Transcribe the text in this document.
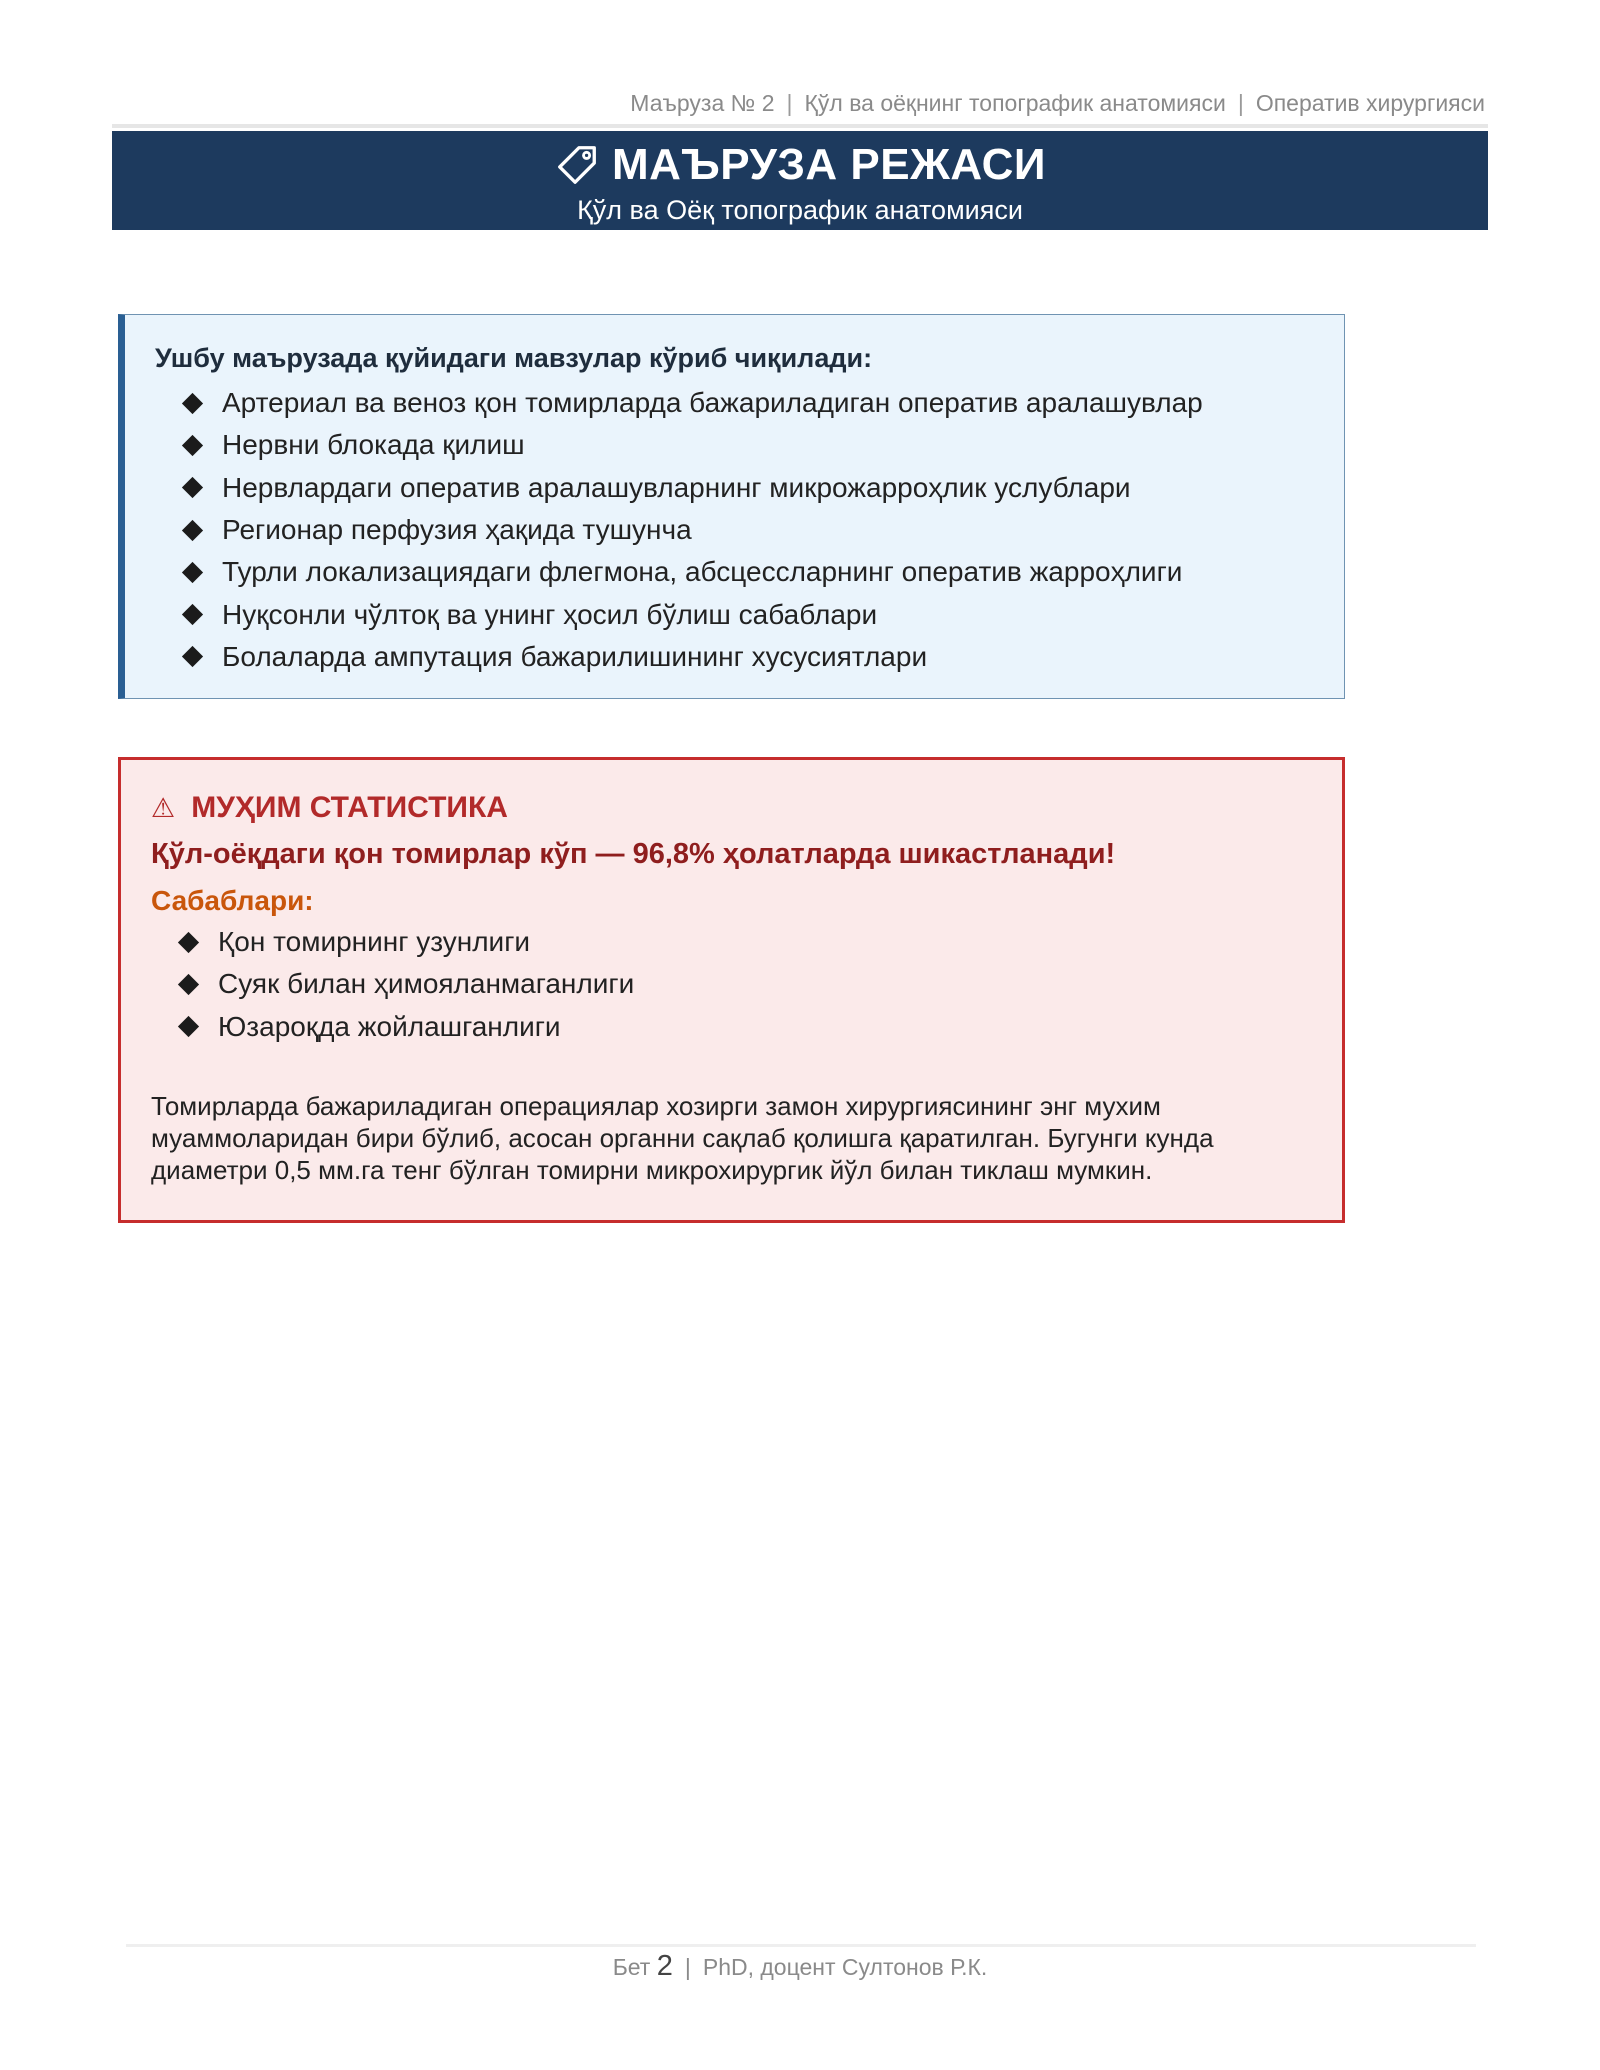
Маъруза № 2 | Қўл ва оёқнинг топографик анатомияси | Оператив хирургияси
МАЪРУЗА РЕЖАСИ
Қўл ва Оёқ топографик анатомияси
Ушбу маърузада қуйидаги мавзулар кўриб чиқилади:
Артериал ва веноз қон томирларда бажариладиган оператив аралашувлар
Нервни блокада қилиш
Нервлардаги оператив аралашувларнинг микрожарроҳлик услублари
Регионар перфузия ҳақида тушунча
Турли локализациядаги флегмона, абсцессларнинг оператив жарроҳлиги
Нуқсонли чўлтоқ ва унинг ҳосил бўлиш сабаблари
Болаларда ампутация бажарилишининг хусусиятлари
⚠ МУҲИМ СТАТИСТИКА
Қўл-оёқдаги қон томирлар кўп — 96,8% ҳолатларда шикастланади!
Сабаблари:
Қон томирнинг узунлиги
Суяк билан ҳимояланмаганлиги
Юзароқда жойлашганлиги
Томирларда бажариладиган операциялар хозирги замон хирургиясининг энг мухим муаммоларидан бири бўлиб, асосан органни сақлаб қолишга қаратилган. Бугунги кунда диаметри 0,5 мм.га тенг бўлган томирни микрохирургик йўл билан тиклаш мумкин.
Бет 2 | PhD, доцент Султонов Р.К.
